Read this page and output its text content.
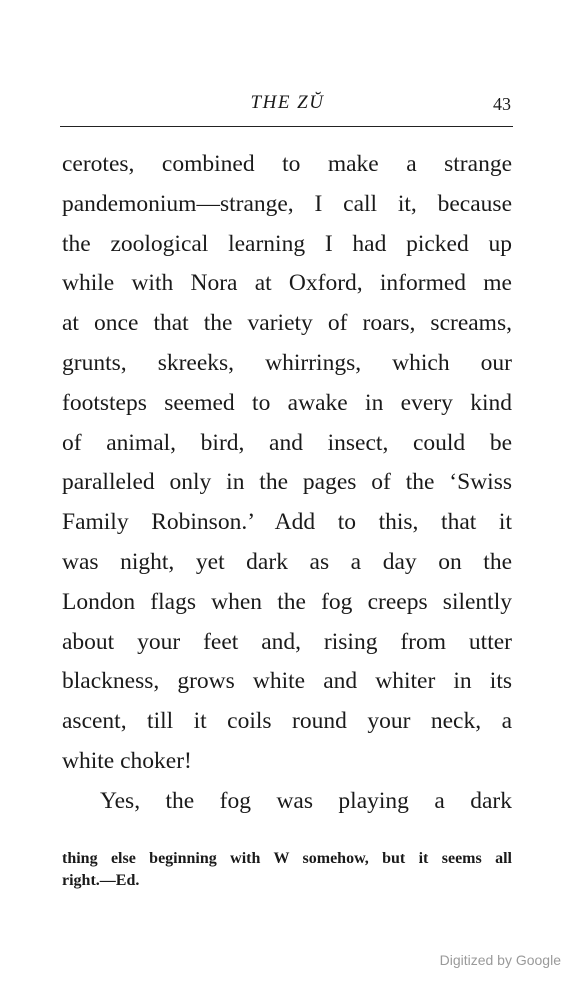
THE ZŬ	43
cerotes, combined to make a strange
pandemonium—strange, I call it, because
the zoological learning I had picked up
while with Nora at Oxford, informed me
at once that the variety of roars, screams,
grunts, skreeks, whirrings, which our
footsteps seemed to awake in every kind
of animal, bird, and insect, could be
paralleled only in the pages of the ‘Swiss
Family Robinson.’ Add to this, that it
was night, yet dark as a day on the
London flags when the fog creeps silently
about your feet and, rising from utter
blackness, grows white and whiter in its
ascent, till it coils round your neck, a
white choker!
Yes, the fog was playing a dark
thing else beginning with W somehow, but it seems all
right.—Ed.
Digitized by Google
